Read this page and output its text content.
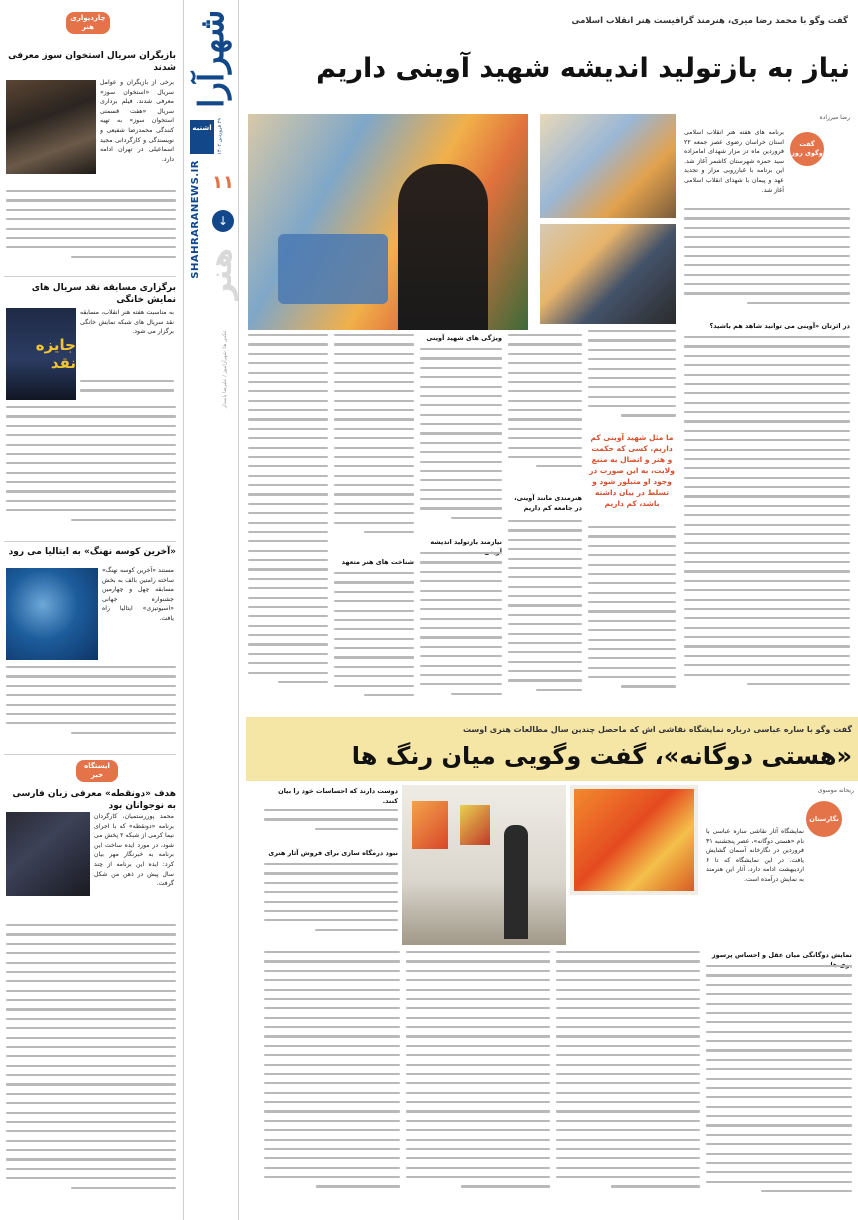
چاردیواری هنر
بازیگران سریال استخوان سوز معرفی شدند
برخی از بازیگران و عوامل سریال «استخوان سوز» معرفی شدند. فیلم برداری سریال «هفت قسمتی استخوان سوز» به تهیه کنندگی محمدرضا شفیعی و نویسندگی و کارگردانی مجید اسماعیلی در تهران ادامه دارد.
برگزاری مسابقه نقد سریال های نمایش خانگی
جایزه نقد
به مناسبت هفته هنر انقلاب، مسابقه نقد سریال های شبکه نمایش خانگی برگزار می شود.
«آخرین کوسه نهنگ» به ایتالیا می رود
مستند «آخرین کوسه نهنگ» ساخته رامتین بالف به بخش مسابقه چهل و چهارمین جشنواره جهانی «اسیوتیزی» ایتالیا راه یافت.
ایستگاه خبر
هدف «دونقطه» معرفی زبان فارسی به نوجوانان بود
محمد پوررستمیان، کارگردان برنامه «دونقطه» که با اجرای نیما کرمی از شبکه ۲ پخش می شود، در مورد ایده ساخت این برنامه به خبرنگار مهر بیان کرد: ایده این برنامه از چند سال پیش در ذهن من شکل گرفت.
شهرآرا
اشنبه
۲۹ فروردین ۱۴۰۲
SHAHRARANEWS.IR ۱۱
↓
هنر
عکس ها: شهرآرانیوز / علیرضا پاسدار
گفت وگو با محمد رضا میری، هنرمند گرافیست هنر انقلاب اسلامی
نیاز به بازتولید اندیشه شهید آوینی داریم
گفت وگوی روز
رضا میرزاده
برنامه های هفته هنر انقلاب اسلامی استان خراسان رضوی عصر جمعه ۲۲ فروردین ماه در مزار شهدای امامزاده سید حمزه شهرستان کاشمر آغاز شد. این برنامه با غبارروبی مزار و تجدید عهد و پیمان با شهدای انقلاب اسلامی آغاز شد.
در اثرتان «آوینی می توانید شاهد هم باشید؟
ما مثل شهید آوینی کم داریم. کسی که حکمت و هنر و اتصال به منبع ولایت، به این صورت در وجود او متبلور شود و تسلط در بیان داشته باشد، کم داریم
هنرمندی مانند آوینی، در جامعه کم داریم
ویژگی های شهید آوینی
نیازمند بازتولید اندیشه
شناخت های هنر متعهد
گفت وگو با ساره عباسی درباره نمایشگاه نقاشی اش که ماحصل چندین سال مطالعات هنری اوست
«هستی دوگانه»، گفت وگویی میان رنگ ها
ریحانه موسوی
نگارستان
نمایشگاه آثار نقاشی ساره عباسی با نام «هستی دوگانه»، عصر پنجشنبه ۳۱ فروردین در نگارخانه آسمان گشایش یافت. در این نمایشگاه که تا ۶ اردیبهشت ادامه دارد، آثار این هنرمند به نمایش درآمده است.
دوست دارند که احساسات خود را بیان کنند.
نبود درمگاه سازی برای فروش آثار هنری
نمایش دوگانگی میان عقل و احساس پرسوز
